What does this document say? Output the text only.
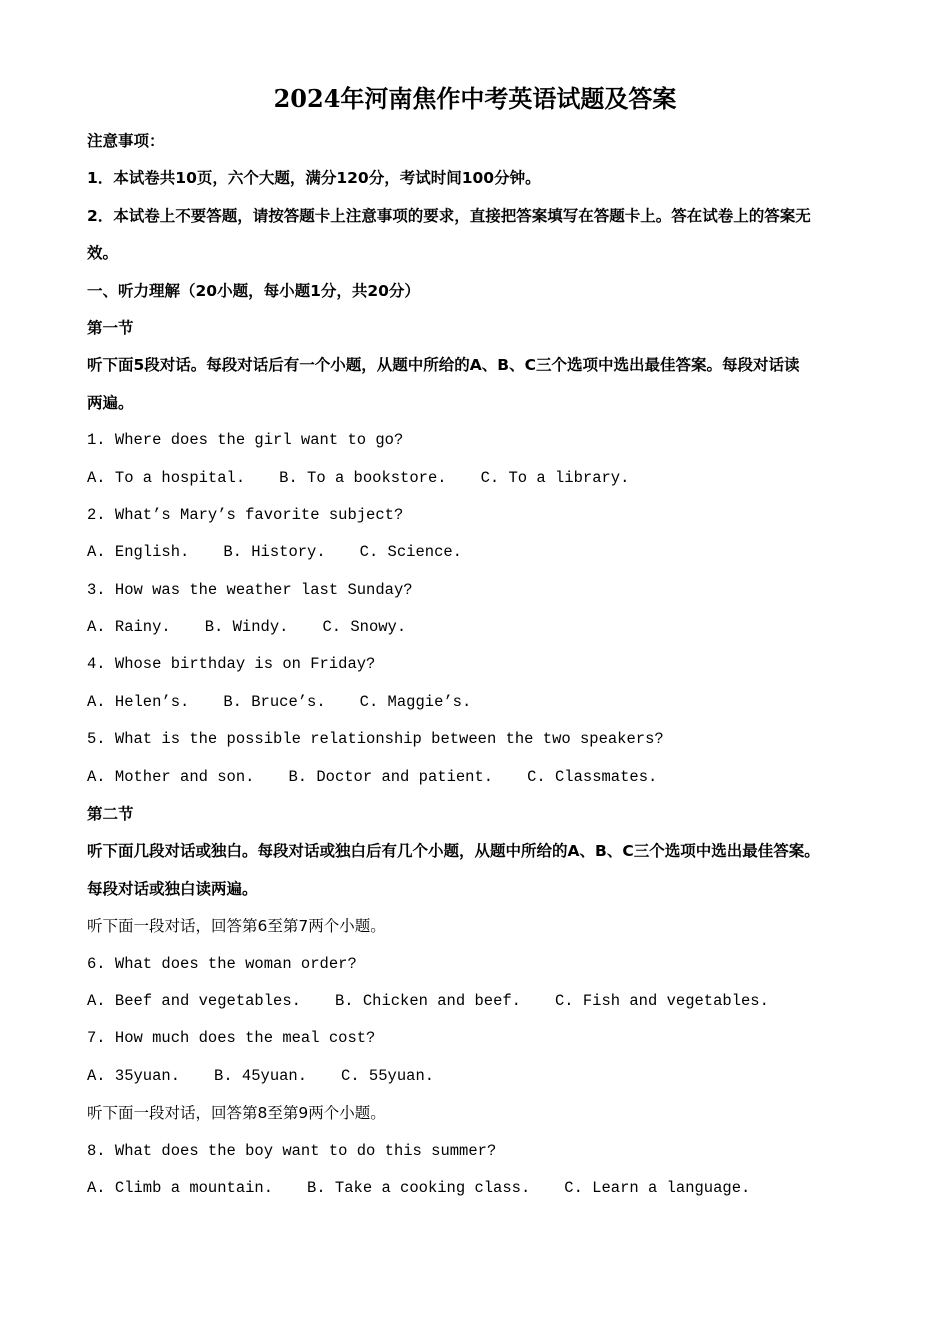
2024年河南焦作中考英语试题及答案
注意事项：
1．本试卷共10页，六个大题，满分120分，考试时间100分钟。
2．本试卷上不要答题，请按答题卡上注意事项的要求，直接把答案填写在答题卡上。答在试卷上的答案无
效。
一、听力理解（20小题，每小题1分，共20分）
第一节
听下面5段对话。每段对话后有一个小题，从题中所给的A、B、C三个选项中选出最佳答案。每段对话读
两遍。
1. Where does the girl want to go?
A. To a hospital. B. To a bookstore. C. To a library.
2. What’s Mary’s favorite subject?
A. English. B. History. C. Science.
3. How was the weather last Sunday?
A. Rainy. B. Windy. C. Snowy.
4. Whose birthday is on Friday?
A. Helen’s. B. Bruce’s. C. Maggie’s.
5. What is the possible relationship between the two speakers?
A. Mother and son. B. Doctor and patient. C. Classmates.
第二节
听下面几段对话或独白。每段对话或独白后有几个小题，从题中所给的A、B、C三个选项中选出最佳答案。
每段对话或独白读两遍。
听下面一段对话，回答第6至第7两个小题。
6. What does the woman order?
A. Beef and vegetables. B. Chicken and beef. C. Fish and vegetables.
7. How much does the meal cost?
A. 35yuan. B. 45yuan. C. 55yuan.
听下面一段对话，回答第8至第9两个小题。
8. What does the boy want to do this summer?
A. Climb a mountain. B. Take a cooking class. C. Learn a language.
